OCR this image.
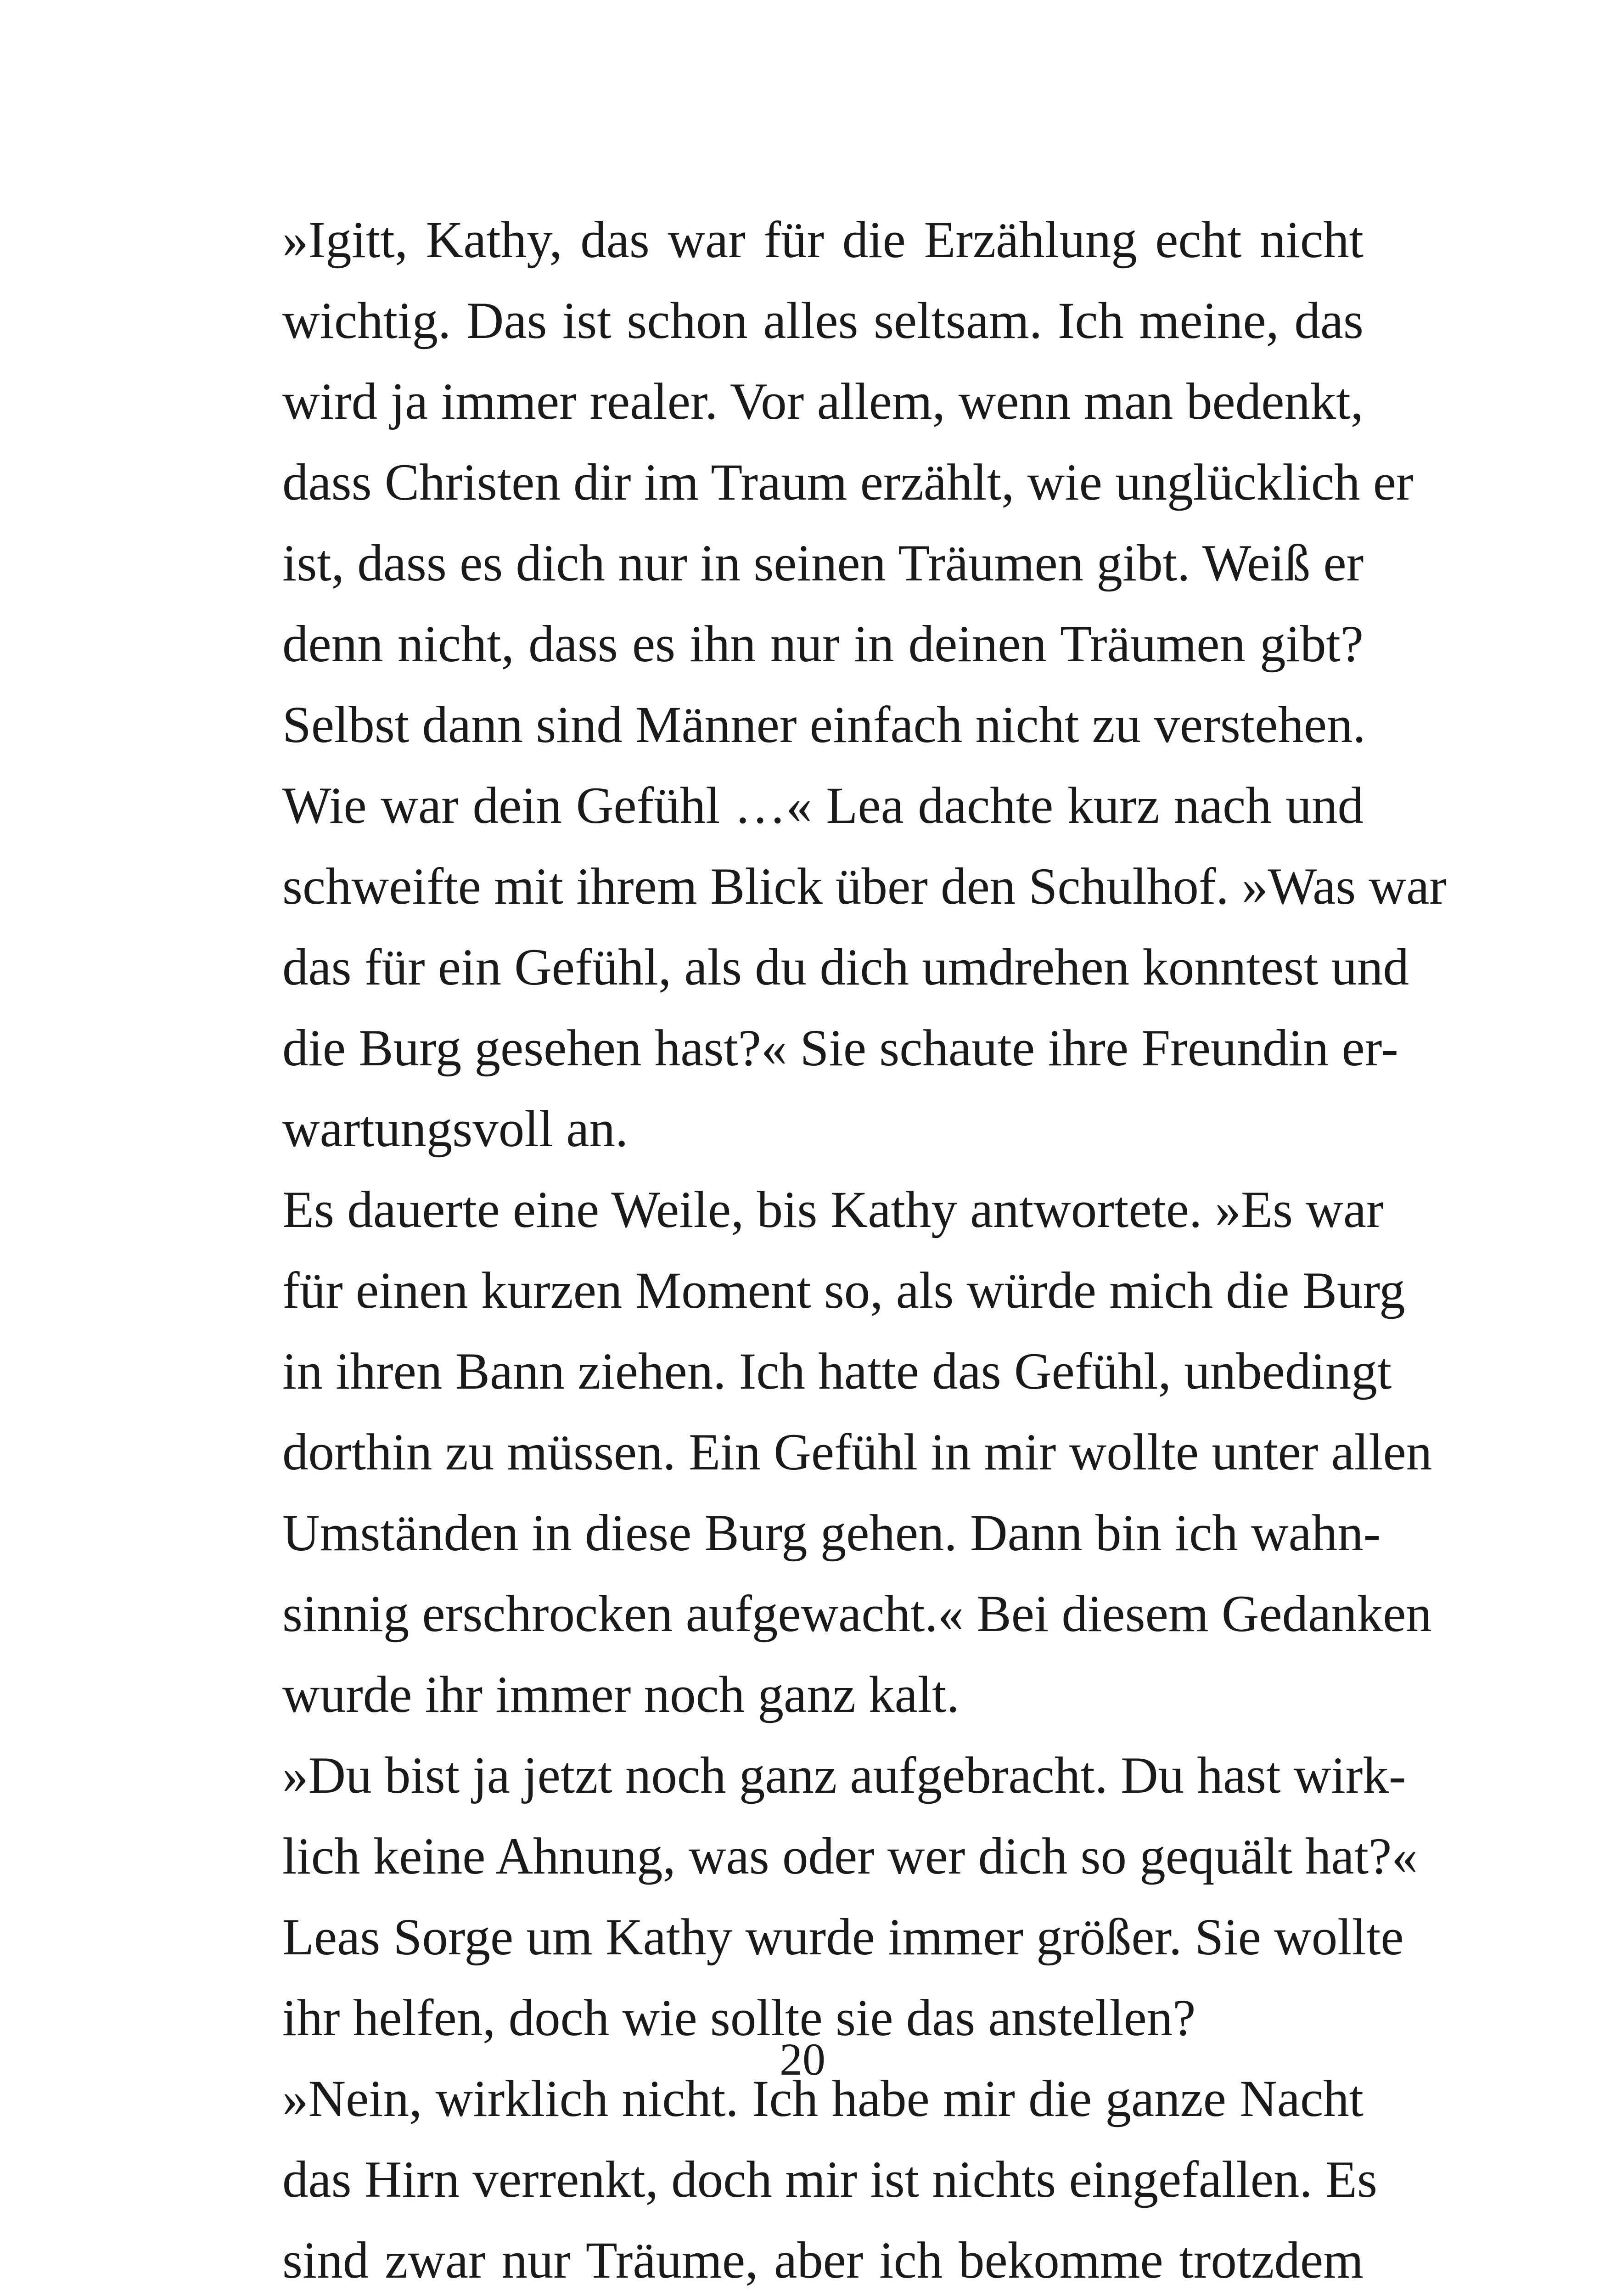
»Igitt, Kathy, das war für die Erzählung echt nicht
wichtig. Das ist schon alles seltsam. Ich meine, das
wird ja immer realer. Vor allem, wenn man bedenkt,
dass Christen dir im Traum erzählt, wie unglücklich er
ist, dass es dich nur in seinen Träumen gibt. Weiß er
denn nicht, dass es ihn nur in deinen Träumen gibt?
Selbst dann sind Männer einfach nicht zu verstehen.
Wie war dein Gefühl …« Lea dachte kurz nach und
schweifte mit ihrem Blick über den Schulhof. »Was war
das für ein Gefühl, als du dich umdrehen konntest und
die Burg gesehen hast?« Sie schaute ihre Freundin er-
wartungsvoll an.

Es dauerte eine Weile, bis Kathy antwortete. »Es war
für einen kurzen Moment so, als würde mich die Burg
in ihren Bann ziehen. Ich hatte das Gefühl, unbedingt
dorthin zu müssen. Ein Gefühl in mir wollte unter allen
Umständen in diese Burg gehen. Dann bin ich wahn-
sinnig erschrocken aufgewacht.« Bei diesem Gedanken
wurde ihr immer noch ganz kalt.

»Du bist ja jetzt noch ganz aufgebracht. Du hast wirk-
lich keine Ahnung, was oder wer dich so gequält hat?«
Leas Sorge um Kathy wurde immer größer. Sie wollte
ihr helfen, doch wie sollte sie das anstellen?

»Nein, wirklich nicht. Ich habe mir die ganze Nacht
das Hirn verrenkt, doch mir ist nichts eingefallen. Es
sind zwar nur Träume, aber ich bekomme trotzdem

20
